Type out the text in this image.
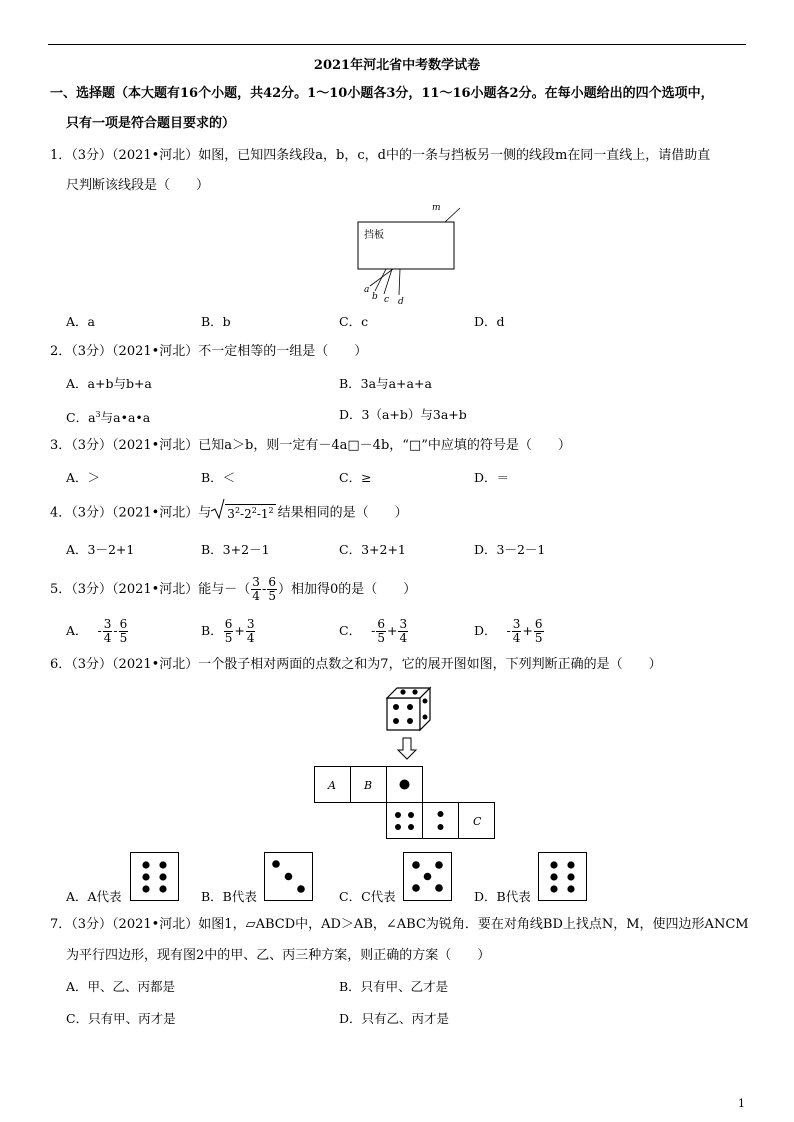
2021年河北省中考数学试卷
一、选择题（本大题有16个小题，共42分。1～10小题各3分，11～16小题各2分。在每小题给出的四个选项中，
只有一项是符合题目要求的）
1．（3分）（2021•河北）如图，已知四条线段a，b，c，d中的一条与挡板另一侧的线段m在同一直线上，请借助直
尺判断该线段是（　　）
挡板
m
a
b c d
A．a	B．b	C．c	D．d
2．（3分）（2021•河北）不一定相等的一组是（　　）
A．a+b与b+a	B．3a与a+a+a
C．$a^3$与a•a•a	D．3（a+b）与3a+b
3．（3分）（2021•河北）已知a＞b，则一定有－4a□－4b，“□”中应填的符号是（　　）
A．＞	B．＜	C．≥	D．＝
4．（3分）（2021•河北）与 $3^2-2^2-1^2$ 结果相同的是（　　）
A．3－2+1	B．3+2－1	C．3+2+1	D．3－2－1
5．（3分）（2021•河北）能与－（ $\frac{3}{4} - \frac{6}{5}$ ）相加得0的是（　　）
A． - $\frac{3}{4} - \frac{6}{5}$	B． $\frac{6}{5} + \frac{3}{4}$	C． - $\frac{6}{5} + \frac{3}{4}$	D． - $\frac{3}{4} + \frac{6}{5}$
6．（3分）（2021•河北）一个骰子相对两面的点数之和为7，它的展开图如图，下列判断正确的是（　　）
A	B
C
A．A代表	B．B代表	C．C代表	D．B代表
7．（3分）（2021•河北）如图1，▱ABCD中，AD＞AB，∠ABC为锐角．要在对角线BD上找点N，M，使四边形ANCM
为平行四边形，现有图2中的甲、乙、丙三种方案，则正确的方案（　　）
A．甲、乙、丙都是	B．只有甲、乙才是
C．只有甲、丙才是	D．只有乙、丙才是
1
